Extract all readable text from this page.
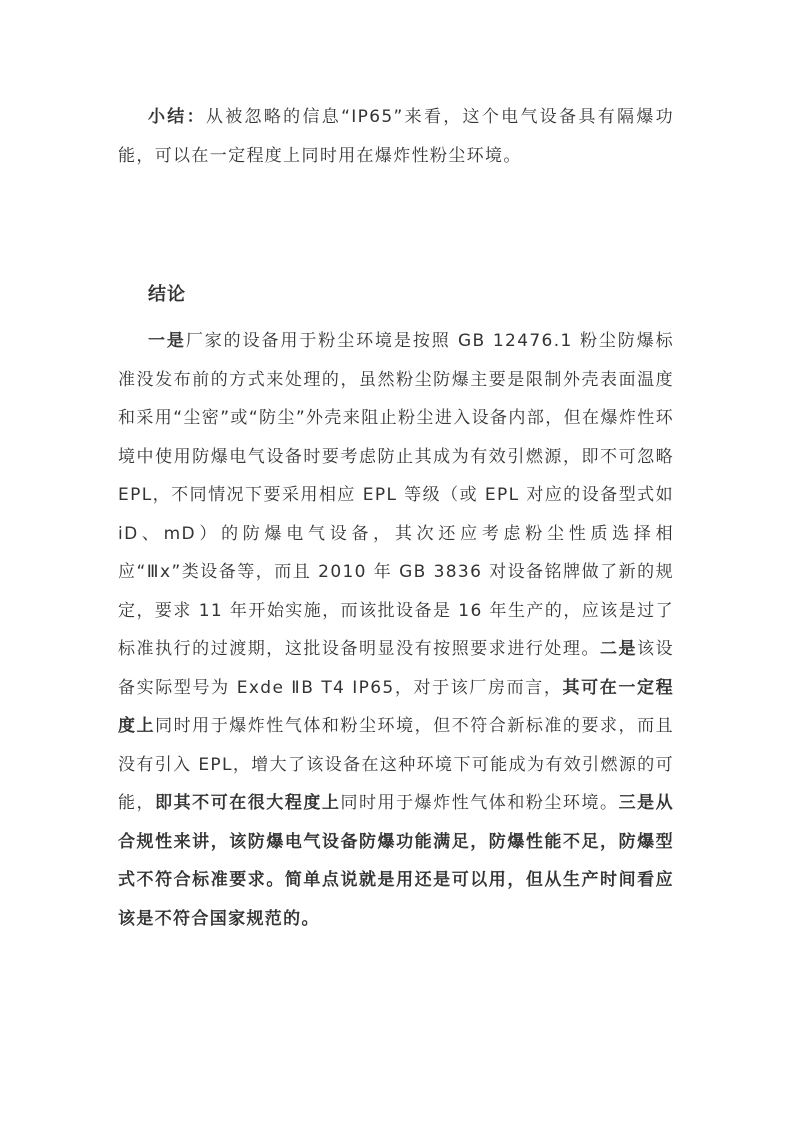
小结：从被忽略的信息“IP65”来看，这个电气设备具有隔爆功能，可以在一定程度上同时用在爆炸性粉尘环境。

结论

一是厂家的设备用于粉尘环境是按照 GB 12476.1 粉尘防爆标准没发布前的方式来处理的，虽然粉尘防爆主要是限制外壳表面温度和采用“尘密”或“防尘”外壳来阻止粉尘进入设备内部，但在爆炸性环境中使用防爆电气设备时要考虑防止其成为有效引燃源，即不可忽略 EPL，不同情况下要采用相应 EPL 等级（或 EPL 对应的设备型式如 iD、mD）的防爆电气设备，其次还应考虑粉尘性质选择相应“Ⅲx”类设备等，而且 2010 年 GB 3836 对设备铭牌做了新的规定，要求 11 年开始实施，而该批设备是 16 年生产的，应该是过了标准执行的过渡期，这批设备明显没有按照要求进行处理。二是该设备实际型号为 Exde ⅡB T4 IP65，对于该厂房而言，其可在一定程度上同时用于爆炸性气体和粉尘环境，但不符合新标准的要求，而且没有引入 EPL，增大了该设备在这种环境下可能成为有效引燃源的可能，即其不可在很大程度上同时用于爆炸性气体和粉尘环境。三是从合规性来讲，该防爆电气设备防爆功能满足，防爆性能不足，防爆型式不符合标准要求。简单点说就是用还是可以用，但从生产时间看应该是不符合国家规范的。
